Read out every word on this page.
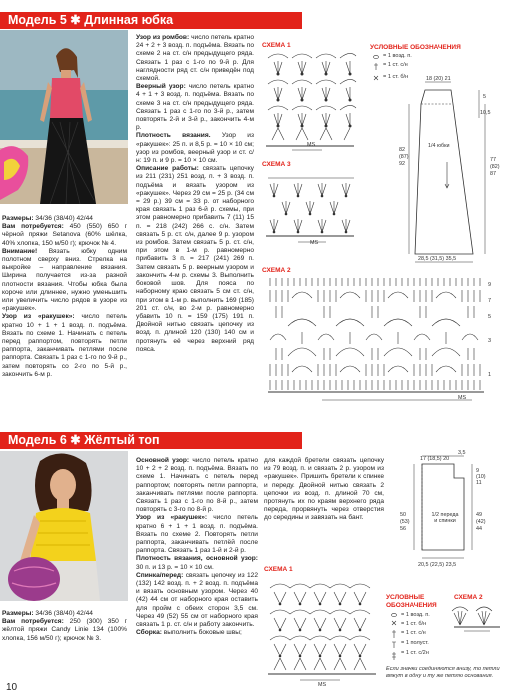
Модель 5 ✱ Длинная юбка

Размеры: 34/36 (38/40) 42/44

Вам потребуется: 450 (550) 650 г чёрной пряжи Setanova (60% шёлка, 40% хлопка, 150 м/50 г); крючок № 4.

Внимание! Вязать юбку одним полотном сверху вниз. Стрелка на выкройке – направление вязания. Ширина получается из-за разной плотности вязания. Чтобы юбка была короче или длиннее, нужно уменьшить или увеличить число рядов в узоре из «ракушек».

Узор из «ракушек»: число петель кратно 10 + 1 + 1 возд. п. подъёма. Вязать по схеме 1. Начинать с петель перед раппортом, повторять петли раппорта, заканчивать петлями после раппорта. Связать 1 раз с 1-го по 9-й р., затем повторять со 2-го по 5-й р., закончить 6-м р.

Узор из ромбов: число петель кратно 24 + 2 + 3 возд. п. подъёма. Вязать по схеме 2 на ст. с/н предыдущего ряда. Связать 1 раз с 1-го по 9-й р. Для наглядности ряд ст. с/н приведён под схемой.

Веерный узор: число петель кратно 4 + 1 + 3 возд. п. подъёма. Вязать по схеме 3 на ст. с/н предыдущего ряда. Связать 1 раз с 1-го по 3-й р., затем повторять 2-й и 3-й р., закончить 4-м р.

Плотность вязания. Узор из «ракушек»: 25 п. и 8,5 р. = 10 × 10 см; узор из ромбов, веерный узор и ст. с/н: 19 п. и 9 р. = 10 × 10 см.

Описание работы: связать цепочку из 211 (231) 251 возд. п. + 3 возд. п. подъёма и вязать узором из «ракушек». Через 29 см = 25 р. (34 см = 29 р.) 39 см = 33 р. от наборного края связать 1 раз 6-й р. схемы, при этом равномерно прибавить 7 (11) 15 п. = 218 (242) 266 с. с/н. Затем связать 5 р. ст. с/н, далее 9 р. узором из ромбов. Затем связать 5 р. ст. с/н, при этом в 1-м р. равномерно прибавить 3 п. = 217 (241) 269 п. Затем связать 5 р. веерным узором и закончить 4-м р. схемы 3. Выполнить боковой шов. Для пояса по наборному краю связать 5 см ст. с/н, при этом в 1-м р. выполнить 169 (185) 201 ст. с/н, во 2-м р. равномерно убавить 10 п. = 159 (175) 191 п. Двойной нитью связать цепочку из возд. п. длиной 120 (130) 140 см и протянуть её через верхний ряд пояса.

СХЕМА 1
MS
СХЕМА 3
MS
СХЕМА 2
9
7
5
3
1
MS
УСЛОВНЫЕ ОБОЗНАЧЕНИЯ
= 1 возд. п.
= 1 ст. с/н
= 1 ст. б/н	18 (20) 21
5
10,5
1/4 юбки
82
(87)
92
77
(82)
87
28,5 (31,5) 35,5
Модель 6 ✱ Жёлтый топ

Размеры: 34/36 (38/40) 42/44

Вам потребуется: 250 (300) 350 г жёлтой пряжи Candy Linie 134 (100% хлопка, 156 м/50 г); крючок № 3.

Основной узор: число петель кратно 10 + 2 + 2 возд. п. подъёма. Вязать по схеме 1. Начинать с петель перед раппортом; повторять петли раппорта, заканчивать петлями после раппорта. Связать 1 раз с 1-го по 8-й р., затем повторять с 3-го по 8-й р.

Узор из «ракушек»: число петель кратно 6 + 1 + 1 возд. п. подъёма. Вязать по схеме 2. Повторять петли раппорта, заканчивать петлёй после раппорта. Связать 1 раз 1-й и 2-й р.

Плотность вязания, основной узор: 30 п. и 13 р. = 10 × 10 см.

Спинка/перед: связать цепочку из 122 (132) 142 возд. п. + 2 возд. п. подъёма и вязать основным узором. Через 40 (42) 44 см от наборного края оставить для пройм с обеих сторон 3,5 см. Через 49 (52) 55 см от наборного края связать 1 р. ст. с/н и работу закончить.

Сборка: выполнить боковые швы;

для каждой бретели связать цепочку из 79 возд. п. и связать 2 р. узором из «ракушек». Пришить бретели к спинке и переду. Двойной нитью связать 2 цепочки из возд. п. длиной 70 см, протянуть их по краям верхнего ряда переда, прорвянуть через отверстия до середины и завязать на бант.

17 (18,5) 20
3,5
9
(10)
11
50
(53)
56
1/2 переда и спинки
49
(42)
44
20,5 (22,5) 23,5
СХЕМА 1
MS
УСЛОВНЫЕ ОБОЗНАЧЕНИЯ
= 1 возд. п.
= 1 ст. б/н
= 1 ст. с/н
= 1 полуст.
= 1 ст. с/2н
СХЕМА 2
Если значки соединяются внизу, то петли вяжут в одну и ту же петлю основания.
10
